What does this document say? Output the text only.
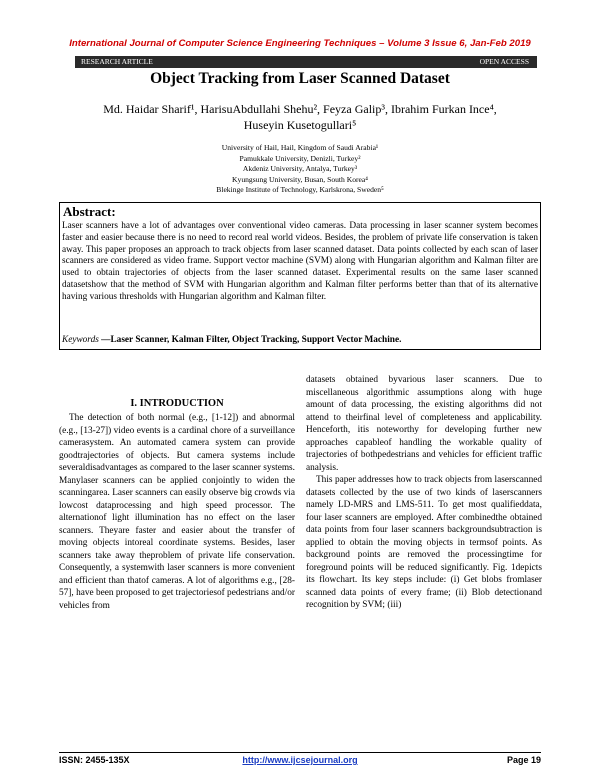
International Journal of Computer Science Engineering Techniques – Volume 3 Issue 6, Jan-Feb 2019
RESEARCH ARTICLE	OPEN ACCESS
Object Tracking from Laser Scanned Dataset
Md. Haidar Sharif¹, HarisuAbdullahi Shehu², Feyza Galip³, Ibrahim Furkan Ince⁴,
Huseyin Kusetogullari⁵
University of Hail, Hail, Kingdom of Saudi Arabia¹
Pamukkale University, Denizli, Turkey²
Akdeniz University, Antalya, Turkey³
Kyungsung University, Busan, South Korea⁴
Blekinge Institute of Technology, Karlskrona, Sweden⁵
Abstract:
Laser scanners have a lot of advantages over conventional video cameras. Data processing in laser scanner system becomes faster and easier because there is no need to record real world videos. Besides, the problem of private life conservation is taken away. This paper proposes an approach to track objects from laser scanned dataset. Data points collected by each scan of laser scanners are considered as video frame. Support vector machine (SVM) along with Hungarian algorithm and Kalman filter are used to obtain trajectories of objects from the laser scanned dataset. Experimental results on the same laser scanned datasetshow that the method of SVM with Hungarian algorithm and Kalman filter performs better than that of its alternative having various thresholds with Hungarian algorithm and Kalman filter.
Keywords —Laser Scanner, Kalman Filter, Object Tracking, Support Vector Machine.
I. INTRODUCTION

The detection of both normal (e.g., [1-12]) and abnormal (e.g., [13-27]) video events is a cardinal chore of a surveillance camerasystem. An automated camera system can provide goodtrajectories of objects. But camera systems include severaldisadvantages as compared to the laser scanner systems. Manylaser scanners can be applied conjointly to widen the scanningarea. Laser scanners can easily observe big crowds via lowcost dataprocessing and high speed processor. The alternationof light illumination has no effect on the laser scanners. Theyare faster and easier about the transfer of moving objects intoreal coordinate systems. Besides, laser scanners take away theproblem of private life conservation. Consequently, a systemwith laser scanners is more convenient and efficient than thatof cameras. A lot of algorithms e.g., [28-57], have been proposed to get trajectoriesof pedestrians and/or vehicles from

datasets obtained byvarious laser scanners. Due to miscellaneous algorithmic assumptions along with huge amount of data processing, the existing algorithms did not attend to theirfinal level of completeness and applicability. Henceforth, itis noteworthy for developing further new approaches capableof handling the workable quality of trajectories of bothpedestrians and vehicles for efficient traffic analysis.

This paper addresses how to track objects from laserscanned datasets collected by the use of two kinds of laserscanners namely LD-MRS and LMS-511. To get most qualifieddata, four laser scanners are employed. After combinedthe obtained data points from four laser scanners backgroundsubtraction is applied to obtain the moving objects in termsof points. As background points are removed the processingtime for foreground points will be reduced significantly. Fig. 1depicts its flowchart. Its key steps include: (i) Get blobs fromlaser scanned data points of every frame; (ii) Blob detectionand recognition by SVM; (iii)

ISSN: 2455-135X	http://www.ijcsejournal.org	Page 19
